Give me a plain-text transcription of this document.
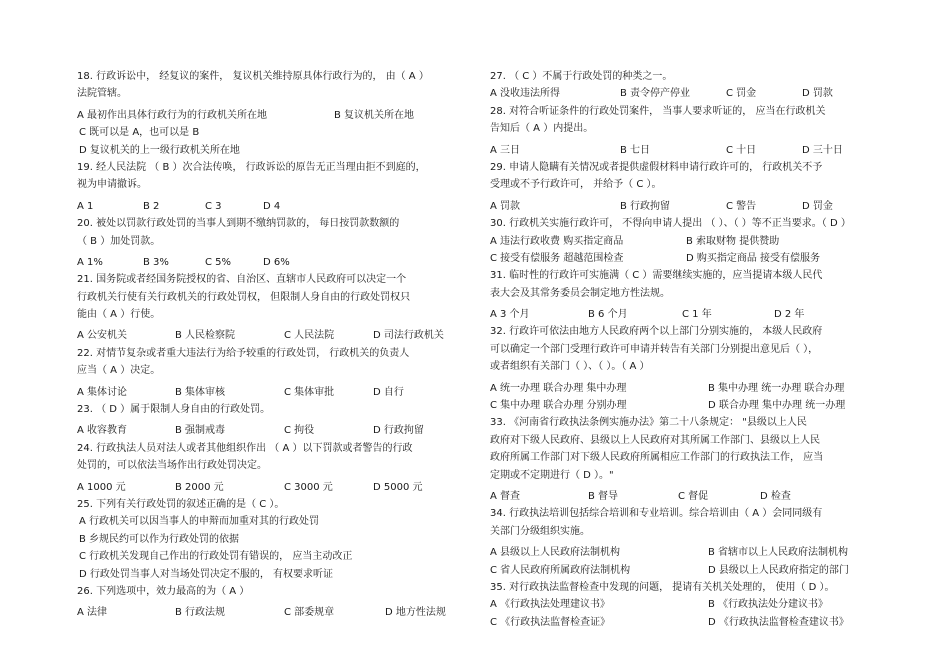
18. 行政诉讼中， 经复议的案件， 复议机关维持原具体行政行为的， 由（ A ）
法院管辖。
A 最初作出具体行政行为的行政机关所在地	B 复议机关所在地
C 既可以是 A，也可以是 B
D 复议机关的上一级行政机关所在地
19. 经人民法院 （ B ）次合法传唤， 行政诉讼的原告无正当理由拒不到庭的，
视为申请撤诉。
A 1	B 2	C 3	D 4
20. 被处以罚款行政处罚的当事人到期不缴纳罚款的， 每日按罚款数额的
（ B ）加处罚款。
A 1%	B 3%	C 5%	D 6%
21. 国务院或者经国务院授权的省、自治区、直辖市人民政府可以决定一个
行政机关行使有关行政机关的行政处罚权， 但限制人身自由的行政处罚权只
能由（ A ）行使。
A 公安机关	B 人民检察院	C 人民法院	D 司法行政机关
22. 对情节复杂或者重大违法行为给予较重的行政处罚， 行政机关的负责人
应当（ A ）决定。
A 集体讨论	B 集体审核	C 集体审批	D 自行
23. （ D ）属于限制人身自由的行政处罚。
A 收容教育	B 强制戒毒	C 拘役	D 行政拘留
24. 行政执法人员对法人或者其他组织作出 （ A ）以下罚款或者警告的行政
处罚的，可以依法当场作出行政处罚决定。
A 1000 元	B 2000 元	C 3000 元	D 5000 元
25. 下列有关行政处罚的叙述正确的是（ C ）。
A 行政机关可以因当事人的申辩而加重对其的行政处罚
B 乡规民约可以作为行政处罚的依据
C 行政机关发现自己作出的行政处罚有错误的， 应当主动改正
D 行政处罚当事人对当场处罚决定不服的， 有权要求听证
26. 下列选项中，效力最高的为（ A ）
A 法律	B 行政法规	C 部委规章	D 地方性法规
27. （ C ）不属于行政处罚的种类之一。
A 没收违法所得	B 责令停产停业	C 罚金	D 罚款
28. 对符合听证条件的行政处罚案件， 当事人要求听证的， 应当在行政机关
告知后（ A ）内提出。
A 三日	B 七日	C 十日	D 三十日
29. 申请人隐瞒有关情况或者提供虚假材料申请行政许可的， 行政机关不予
受理或不予行政许可， 并给予（ C ）。
A 罚款	B 行政拘留	C 警告	D 罚金
30. 行政机关实施行政许可， 不得向申请人提出 （ ）、（ ）等不正当要求。（ D ）
A 违法行政收费 购买指定商品	B 索取财物 提供赞助
C 接受有偿服务 超越范围检查	D 购买指定商品 接受有偿服务
31. 临时性的行政许可实施满（ C ）需要继续实施的，应当提请本级人民代
表大会及其常务委员会制定地方性法规。
A 3 个月	B 6 个月	C 1 年	D 2 年
32. 行政许可依法由地方人民政府两个以上部门分别实施的， 本级人民政府
可以确定一个部门受理行政许可申请并转告有关部门分别提出意见后（ ），
或者组织有关部门（ ）、（ ）。（ A ）
A 统一办理 联合办理 集中办理	B 集中办理 统一办理 联合办理
C 集中办理 联合办理 分别办理	D 联合办理 集中办理 统一办理
33. 《河南省行政执法条例实施办法》第二十八条规定： "县级以上人民
政府对下级人民政府、县级以上人民政府对其所属工作部门、县级以上人民
政府所属工作部门对下级人民政府所属相应工作部门的行政执法工作， 应当
定期或不定期进行（ D ）。"
A 督查	B 督导	C 督促	D 检查
34. 行政执法培训包括综合培训和专业培训。综合培训由（ A ）会同同级有
关部门分级组织实施。
A 县级以上人民政府法制机构	B 省辖市以上人民政府法制机构
C 省人民政府所属政府法制机构	D 县级以上人民政府指定的部门
35. 对行政执法监督检查中发现的问题， 提请有关机关处理的， 使用（ D ）。
A 《行政执法处理建议书》	B 《行政执法处分建议书》
C 《行政执法监督检查证》	D 《行政执法监督检查建议书》
